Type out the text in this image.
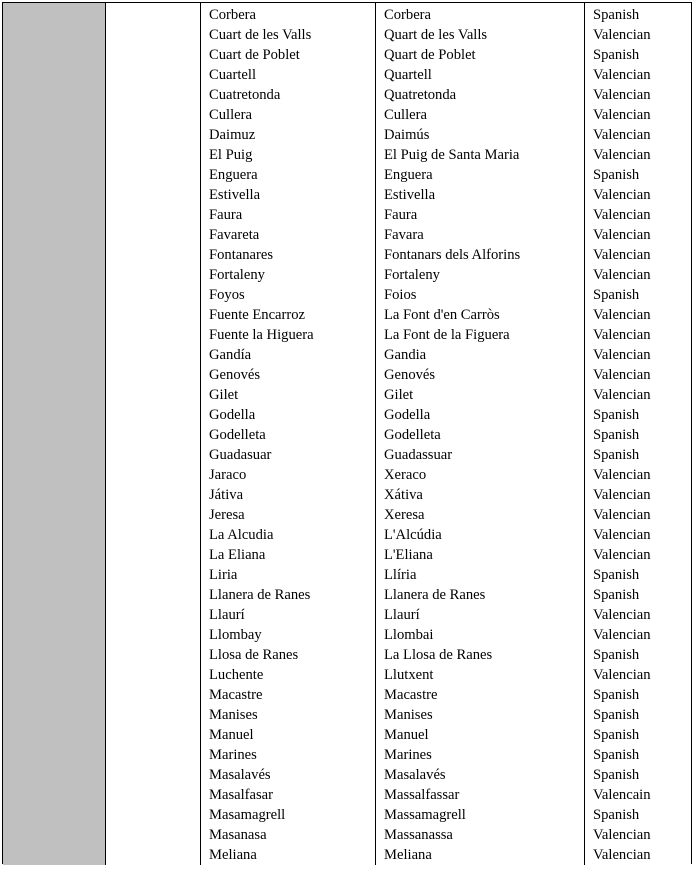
Corbera
Cuart de les Valls
Cuart de Poblet
Cuartell
Cuatretonda
Cullera
Daimuz
El Puig
Enguera
Estivella
Faura
Favareta
Fontanares
Fortaleny
Foyos
Fuente Encarroz
Fuente la Higuera
Gandía
Genovés
Gilet
Godella
Godelleta
Guadasuar
Jaraco
Játiva
Jeresa
La Alcudia
La Eliana
Liria
Llanera de Ranes
Llaurí
Llombay
Llosa de Ranes
Luchente
Macastre
Manises
Manuel
Marines
Masalavés
Masalfasar
Masamagrell
Masanasa
Meliana
Corbera
Quart de les Valls
Quart de Poblet
Quartell
Quatretonda
Cullera
Daimús
El Puig de Santa Maria
Enguera
Estivella
Faura
Favara
Fontanars dels Alforins
Fortaleny
Foios
La Font d'en Carròs
La Font de la Figuera
Gandia
Genovés
Gilet
Godella
Godelleta
Guadassuar
Xeraco
Xátiva
Xeresa
L'Alcúdia
L'Eliana
Llíria
Llanera de Ranes
Llaurí
Llombai
La Llosa de Ranes
Llutxent
Macastre
Manises
Manuel
Marines
Masalavés
Massalfassar
Massamagrell
Massanassa
Meliana
Spanish
Valencian
Spanish
Valencian
Valencian
Valencian
Valencian
Valencian
Spanish
Valencian
Valencian
Valencian
Valencian
Valencian
Spanish
Valencian
Valencian
Valencian
Valencian
Valencian
Spanish
Spanish
Spanish
Valencian
Valencian
Valencian
Valencian
Valencian
Spanish
Spanish
Valencian
Valencian
Spanish
Valencian
Spanish
Spanish
Spanish
Spanish
Spanish
Valencain
Spanish
Valencian
Valencian
